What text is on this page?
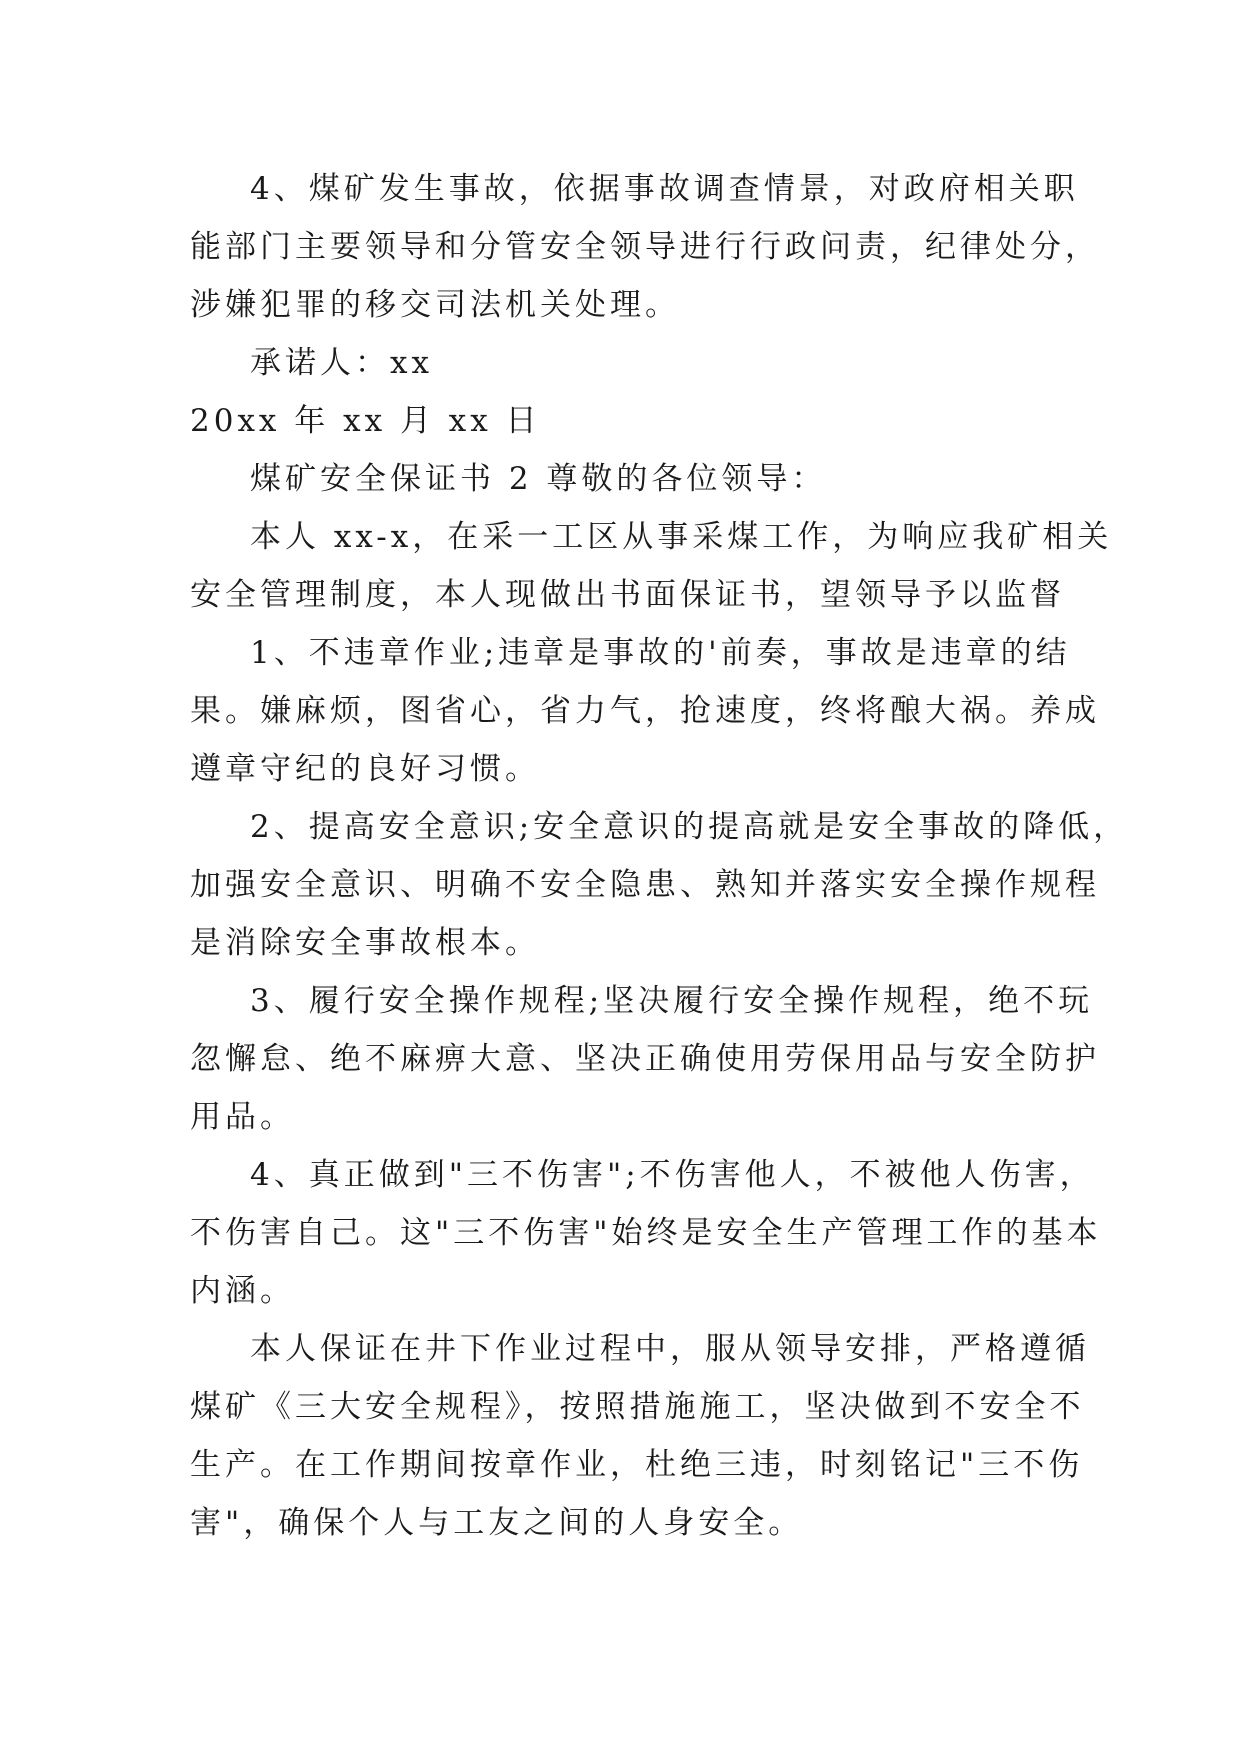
4、煤矿发生事故，依据事故调查情景，对政府相关职
能部门主要领导和分管安全领导进行行政问责，纪律处分，
涉嫌犯罪的移交司法机关处理。
承诺人：xx
20xx 年 xx 月 xx 日
煤矿安全保证书 2 尊敬的各位领导：
本人 xx-x，在采一工区从事采煤工作，为响应我矿相关
安全管理制度，本人现做出书面保证书，望领导予以监督
1、不违章作业;违章是事故的'前奏，事故是违章的结
果。嫌麻烦，图省心，省力气，抢速度，终将酿大祸。养成
遵章守纪的良好习惯。
2、提高安全意识;安全意识的提高就是安全事故的降低，
加强安全意识、明确不安全隐患、熟知并落实安全操作规程
是消除安全事故根本。
3、履行安全操作规程;坚决履行安全操作规程，绝不玩
忽懈怠、绝不麻痹大意、坚决正确使用劳保用品与安全防护
用品。
4、真正做到"三不伤害";不伤害他人，不被他人伤害，
不伤害自己。这"三不伤害"始终是安全生产管理工作的基本
内涵。
本人保证在井下作业过程中，服从领导安排，严格遵循
煤矿《三大安全规程》，按照措施施工，坚决做到不安全不
生产。在工作期间按章作业，杜绝三违，时刻铭记"三不伤
害"，确保个人与工友之间的人身安全。
